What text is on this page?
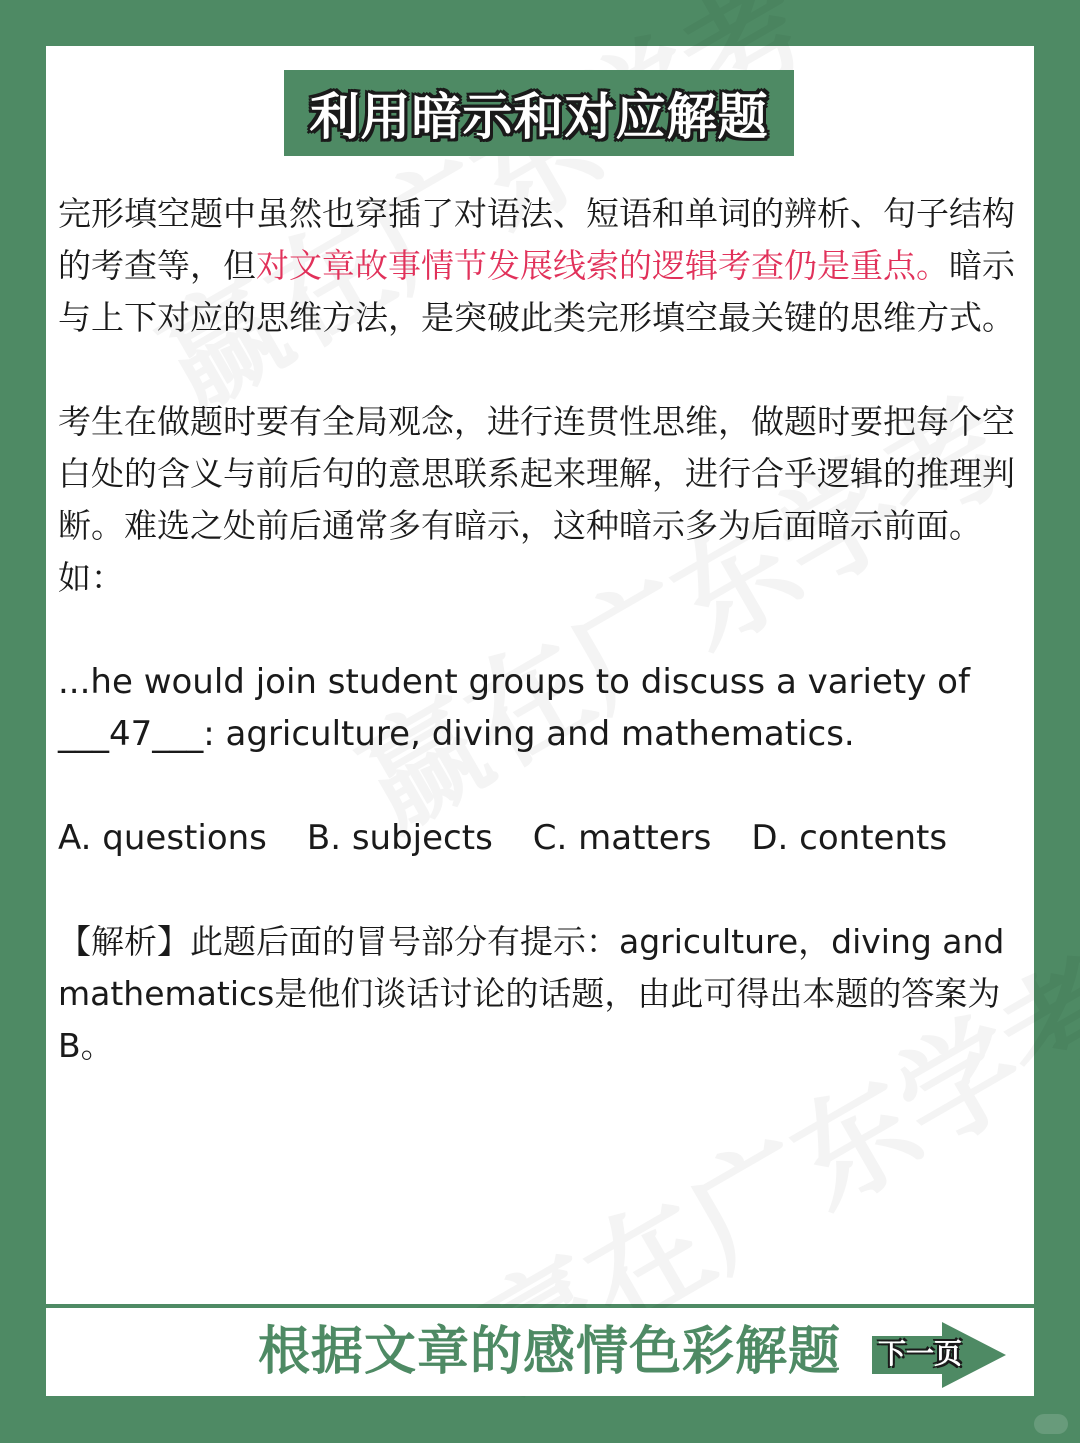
利用暗示和对应解题

完形填空题中虽然也穿插了对语法、短语和单词的辨析、句子结构的考查等，但对文章故事情节发展线索的逻辑考查仍是重点。暗示与上下对应的思维方法，是突破此类完形填空最关键的思维方式。

考生在做题时要有全局观念，进行连贯性思维，做题时要把每个空白处的含义与前后句的意思联系起来理解，进行合乎逻辑的推理判断。难选之处前后通常多有暗示，这种暗示多为后面暗示前面。如：

...he would join student groups to discuss a variety of

___47___: agriculture, diving and mathematics.

A. questions B. subjects C. matters D. contents

【解析】此题后面的冒号部分有提示：agriculture，diving and mathematics是他们谈话讨论的话题，由此可得出本题的答案为B。

根据文章的感情色彩解题 下一页
